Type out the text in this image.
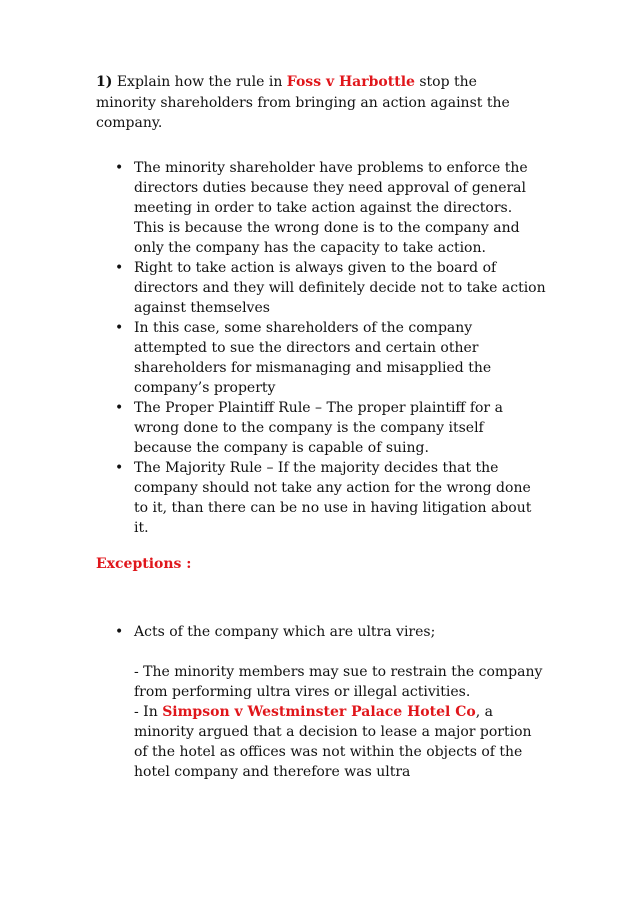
1) Explain how the rule in Foss v Harbottle stop the minority shareholders from bringing an action against the company.
• The minority shareholder have problems to enforce the directors duties because they need approval of general meeting in order to take action against the directors. This is because the wrong done is to the company and only the company has the capacity to take action.
• Right to take action is always given to the board of directors and they will definitely decide not to take action against themselves
• In this case, some shareholders of the company attempted to sue the directors and certain other shareholders for mismanaging and misapplied the company’s property
• The Proper Plaintiff Rule – The proper plaintiff for a wrong done to the company is the company itself because the company is capable of suing.
• The Majority Rule – If the majority decides that the company should not take any action for the wrong done to it, than there can be no use in having litigation about it.
Exceptions :
• Acts of the company which are ultra vires;
- The minority members may sue to restrain the company from performing ultra vires or illegal activities.
- In Simpson v Westminster Palace Hotel Co, a minority argued that a decision to lease a major portion of the hotel as offices was not within the objects of the hotel company and therefore was ultra
